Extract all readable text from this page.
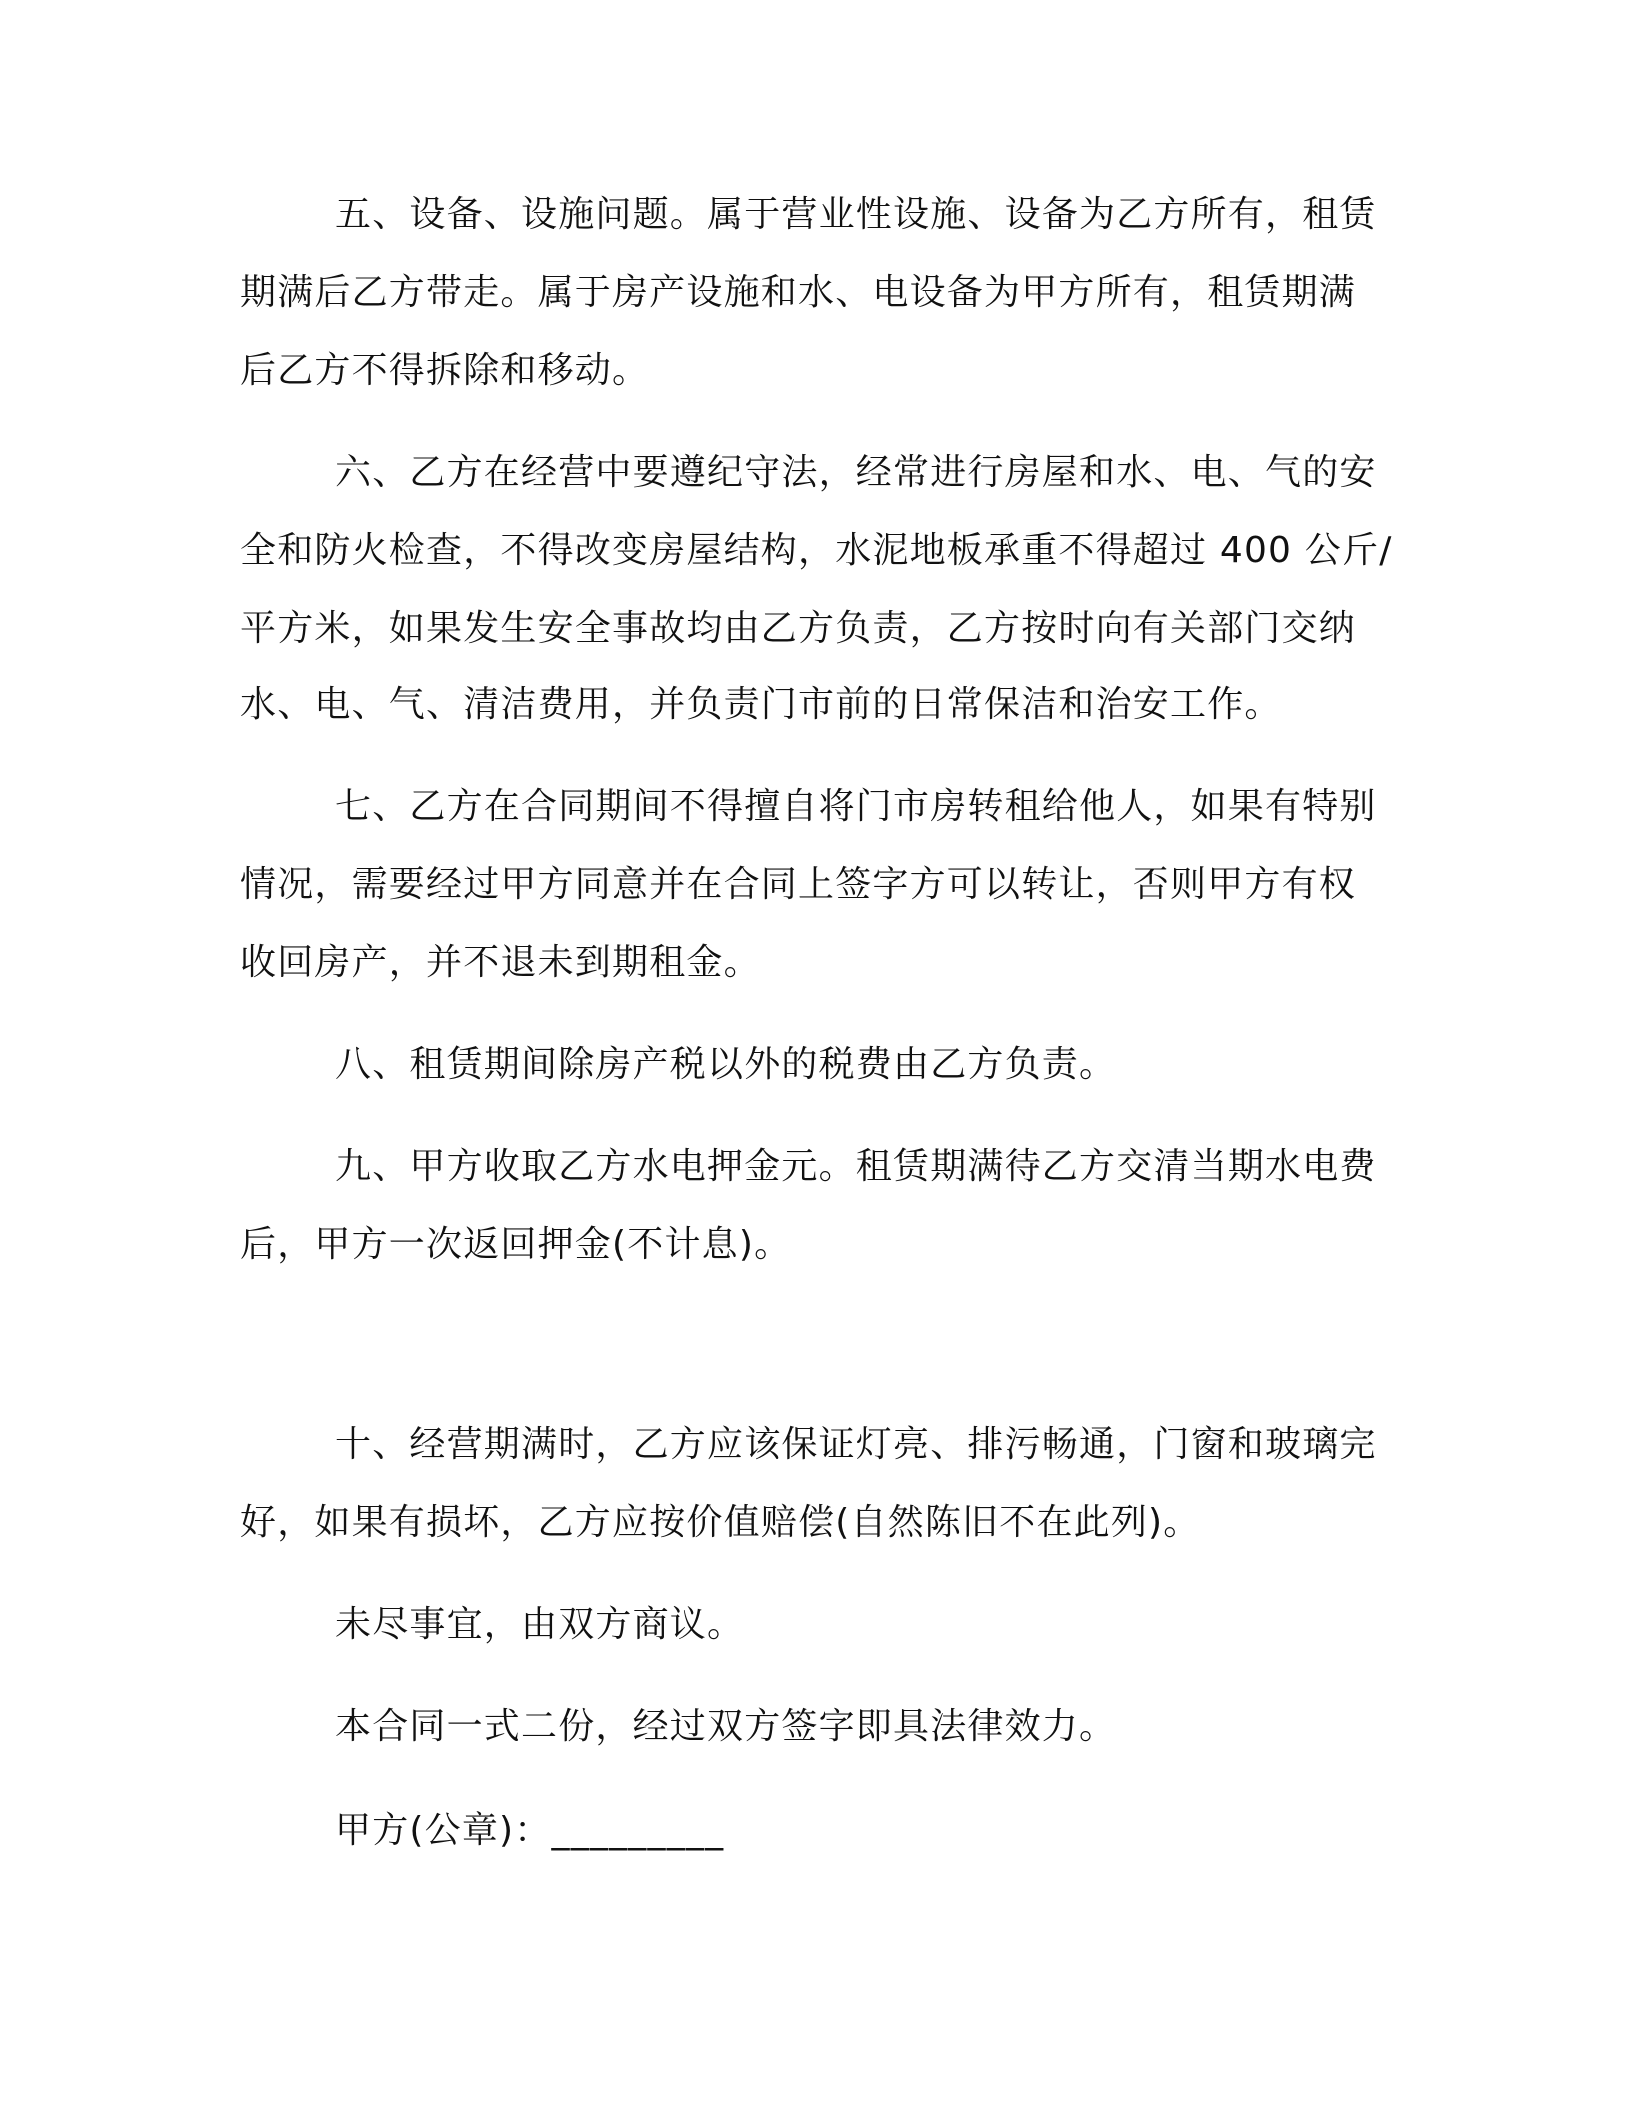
五、设备、设施问题。属于营业性设施、设备为乙方所有，租赁
期满后乙方带走。属于房产设施和水、电设备为甲方所有，租赁期满
后乙方不得拆除和移动。
六、乙方在经营中要遵纪守法，经常进行房屋和水、电、气的安
全和防火检查，不得改变房屋结构，水泥地板承重不得超过 400 公斤/
平方米，如果发生安全事故均由乙方负责，乙方按时向有关部门交纳
水、电、气、清洁费用，并负责门市前的日常保洁和治安工作。
七、乙方在合同期间不得擅自将门市房转租给他人，如果有特别
情况，需要经过甲方同意并在合同上签字方可以转让，否则甲方有权
收回房产，并不退未到期租金。
八、租赁期间除房产税以外的税费由乙方负责。
九、甲方收取乙方水电押金元。租赁期满待乙方交清当期水电费
后，甲方一次返回押金(不计息)。
十、经营期满时，乙方应该保证灯亮、排污畅通，门窗和玻璃完
好，如果有损坏，乙方应按价值赔偿(自然陈旧不在此列)。
未尽事宜，由双方商议。
本合同一式二份，经过双方签字即具法律效力。
甲方(公章)：_________
